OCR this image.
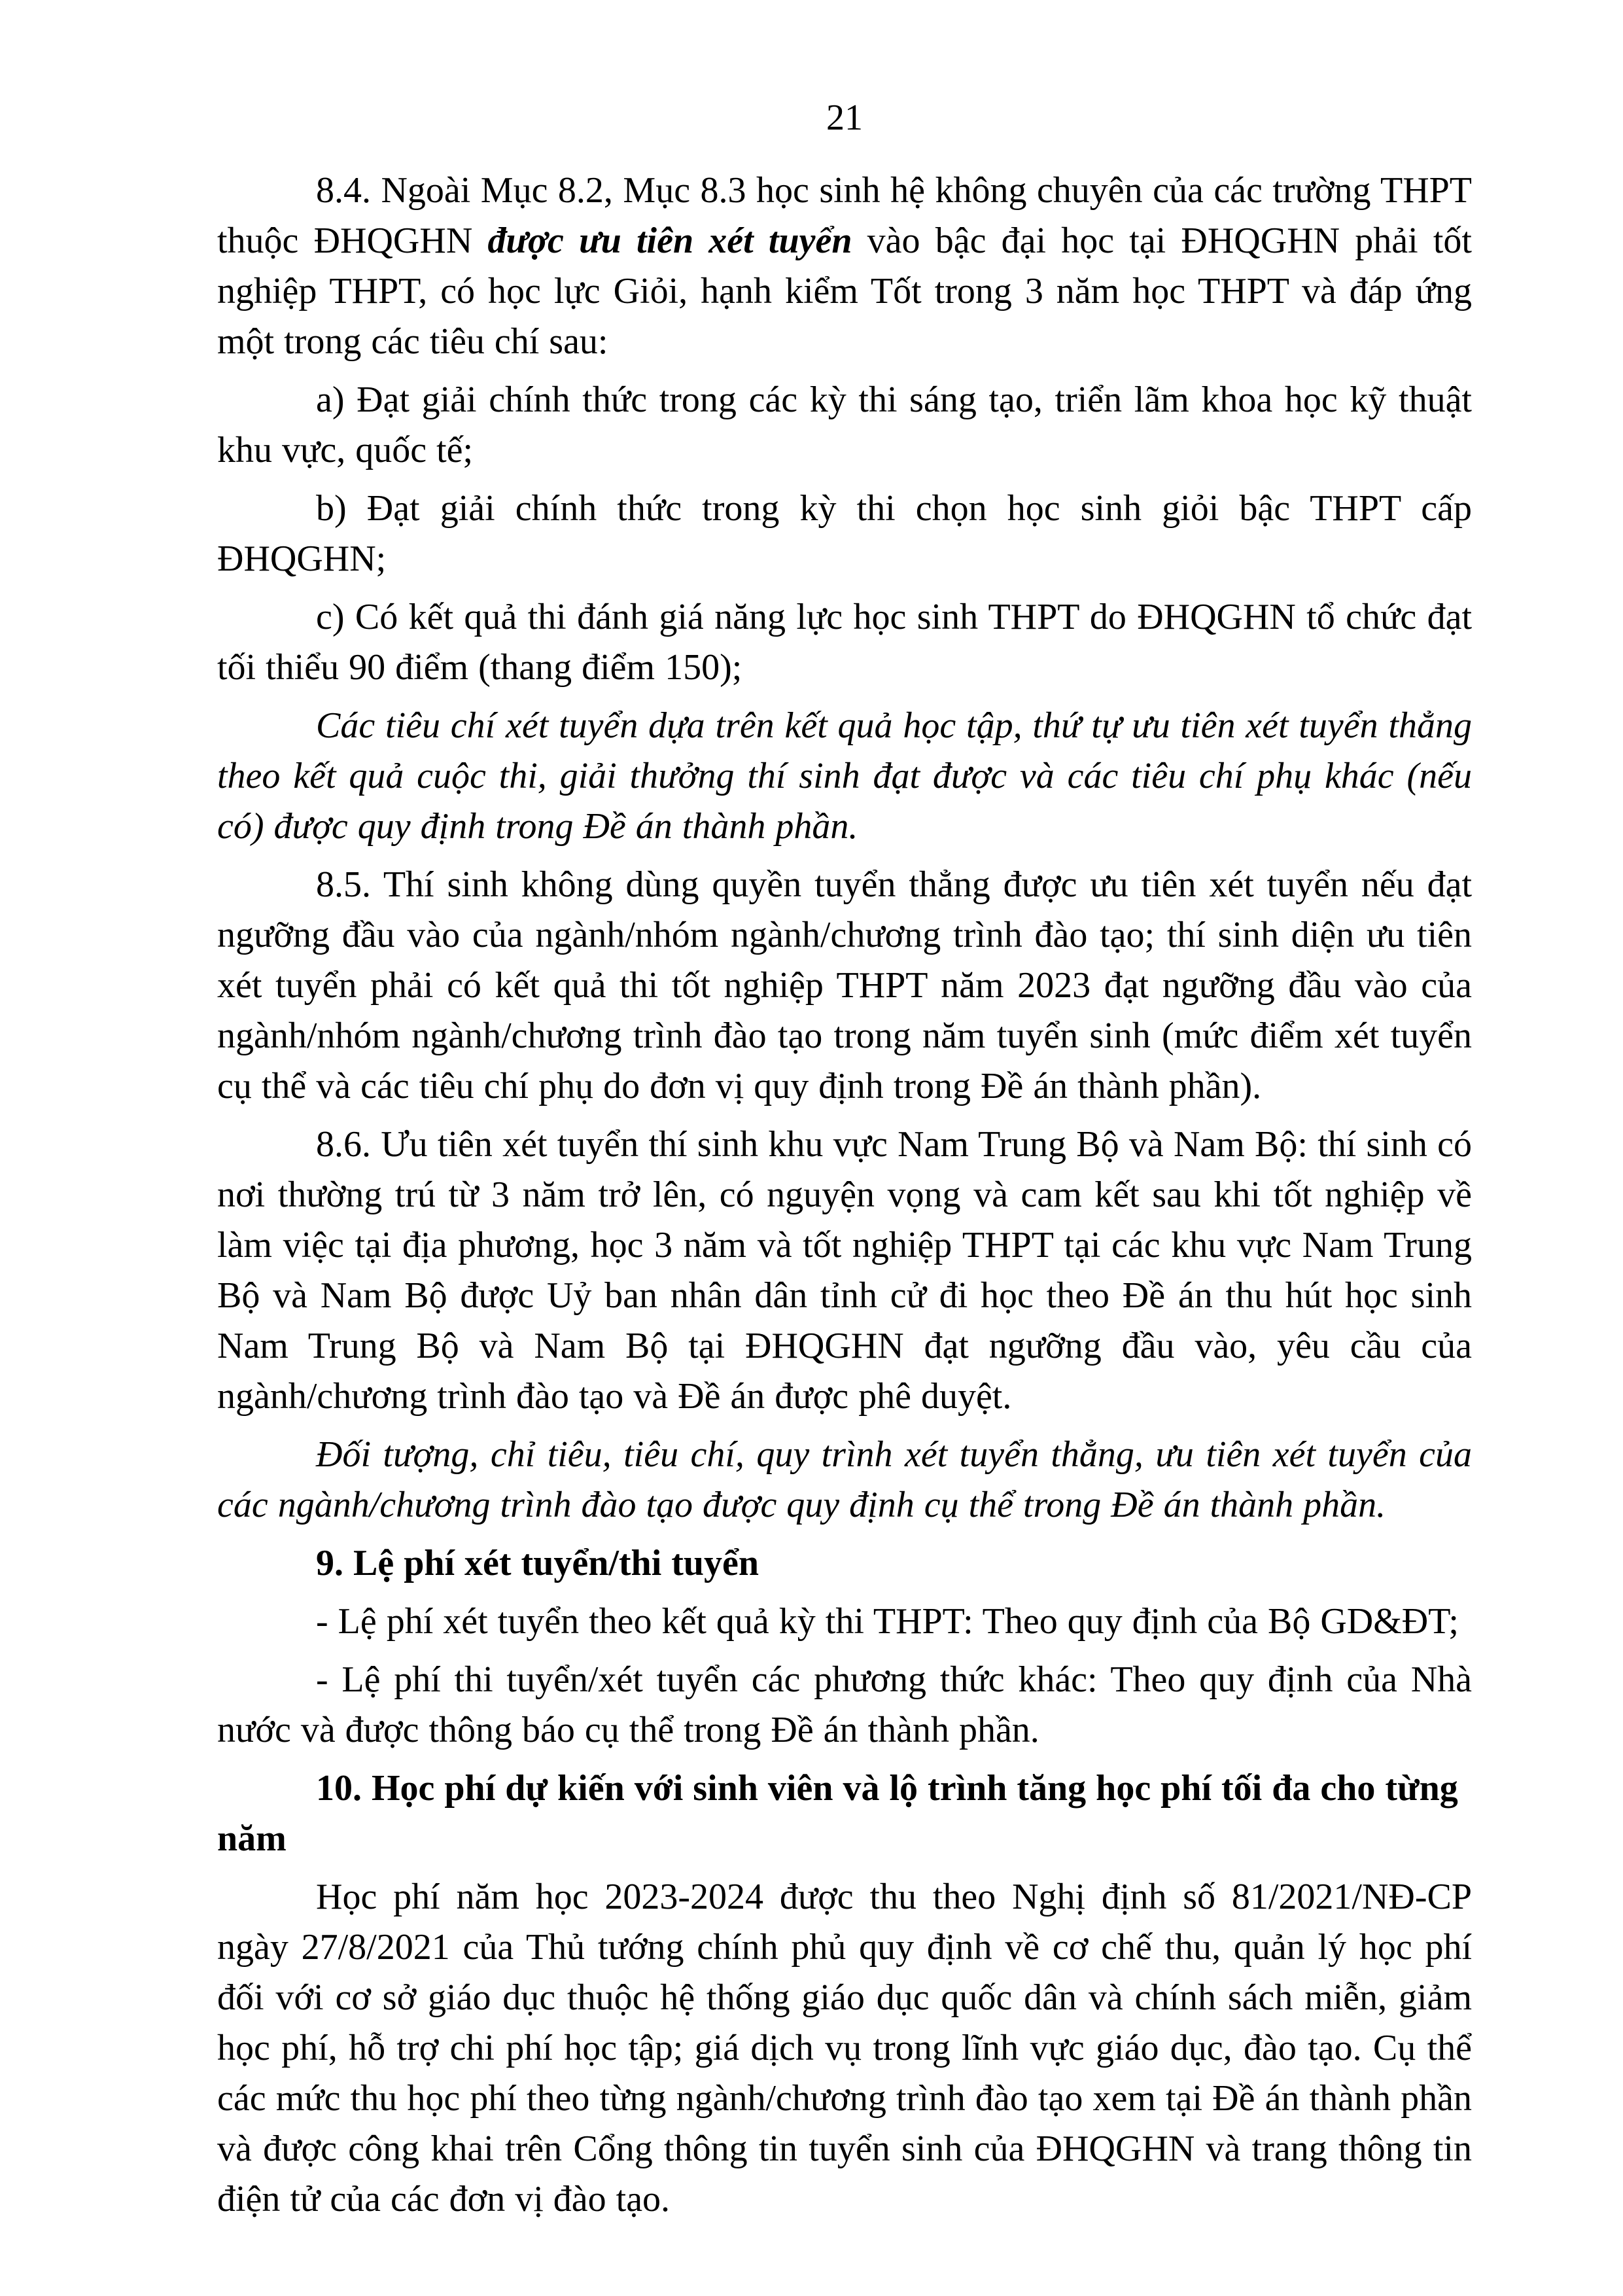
21

8.4. Ngoài Mục 8.2, Mục 8.3 học sinh hệ không chuyên của các trường THPT thuộc ĐHQGHN được ưu tiên xét tuyển vào bậc đại học tại ĐHQGHN phải tốt nghiệp THPT, có học lực Giỏi, hạnh kiểm Tốt trong 3 năm học THPT và đáp ứng một trong các tiêu chí sau:

a) Đạt giải chính thức trong các kỳ thi sáng tạo, triển lãm khoa học kỹ thuật khu vực, quốc tế;

b) Đạt giải chính thức trong kỳ thi chọn học sinh giỏi bậc THPT cấp ĐHQGHN;

c) Có kết quả thi đánh giá năng lực học sinh THPT do ĐHQGHN tổ chức đạt tối thiểu 90 điểm (thang điểm 150);

Các tiêu chí xét tuyển dựa trên kết quả học tập, thứ tự ưu tiên xét tuyển thẳng theo kết quả cuộc thi, giải thưởng thí sinh đạt được và các tiêu chí phụ khác (nếu có) được quy định trong Đề án thành phần.

8.5. Thí sinh không dùng quyền tuyển thẳng được ưu tiên xét tuyển nếu đạt ngưỡng đầu vào của ngành/nhóm ngành/chương trình đào tạo; thí sinh diện ưu tiên xét tuyển phải có kết quả thi tốt nghiệp THPT năm 2023 đạt ngưỡng đầu vào của ngành/nhóm ngành/chương trình đào tạo trong năm tuyển sinh (mức điểm xét tuyển cụ thể và các tiêu chí phụ do đơn vị quy định trong Đề án thành phần).

8.6. Ưu tiên xét tuyển thí sinh khu vực Nam Trung Bộ và Nam Bộ: thí sinh có nơi thường trú từ 3 năm trở lên, có nguyện vọng và cam kết sau khi tốt nghiệp về làm việc tại địa phương, học 3 năm và tốt nghiệp THPT tại các khu vực Nam Trung Bộ và Nam Bộ được Uỷ ban nhân dân tỉnh cử đi học theo Đề án thu hút học sinh Nam Trung Bộ và Nam Bộ tại ĐHQGHN đạt ngưỡng đầu vào, yêu cầu của ngành/chương trình đào tạo và Đề án được phê duyệt.

Đối tượng, chỉ tiêu, tiêu chí, quy trình xét tuyển thẳng, ưu tiên xét tuyển của các ngành/chương trình đào tạo được quy định cụ thể trong Đề án thành phần.

9. Lệ phí xét tuyển/thi tuyển

- Lệ phí xét tuyển theo kết quả kỳ thi THPT: Theo quy định của Bộ GD&ĐT;

- Lệ phí thi tuyển/xét tuyển các phương thức khác: Theo quy định của Nhà nước và được thông báo cụ thể trong Đề án thành phần.

10. Học phí dự kiến với sinh viên và lộ trình tăng học phí tối đa cho từng năm

Học phí năm học 2023-2024 được thu theo Nghị định số 81/2021/NĐ-CP ngày 27/8/2021 của Thủ tướng chính phủ quy định về cơ chế thu, quản lý học phí đối với cơ sở giáo dục thuộc hệ thống giáo dục quốc dân và chính sách miễn, giảm học phí, hỗ trợ chi phí học tập; giá dịch vụ trong lĩnh vực giáo dục, đào tạo. Cụ thể các mức thu học phí theo từng ngành/chương trình đào tạo xem tại Đề án thành phần và được công khai trên Cổng thông tin tuyển sinh của ĐHQGHN và trang thông tin điện tử của các đơn vị đào tạo.
